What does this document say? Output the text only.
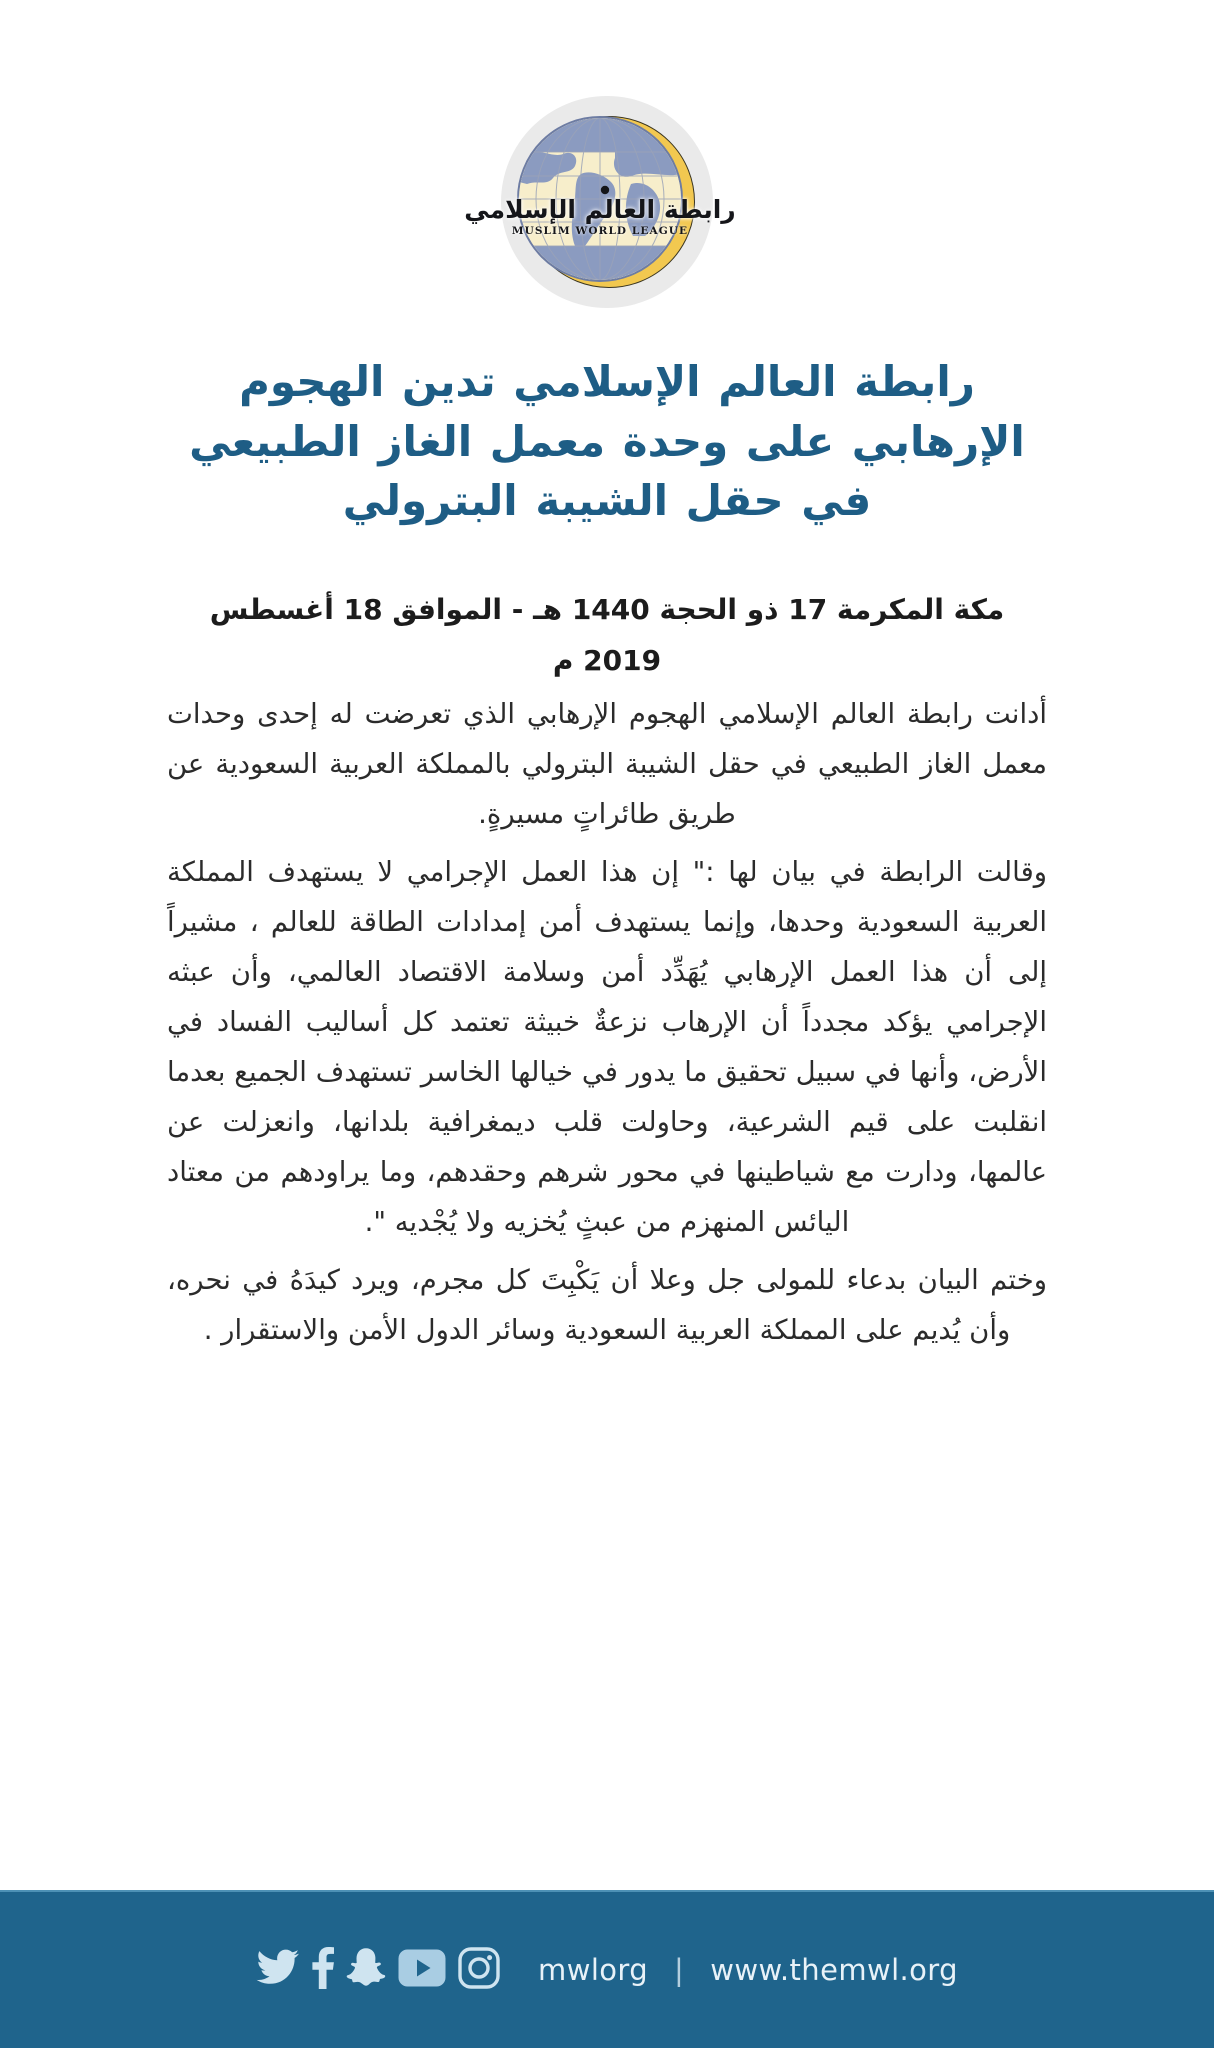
رابطة العالم الإسلامي
MUSLIM WORLD LEAGUE
رابطة العالم الإسلامي تدين الهجوم الإرهابي على وحدة معمل الغاز الطبيعي في حقل الشيبة البترولي
مكة المكرمة 17 ذو الحجة 1440 هـ - الموافق 18 أغسطس 2019 م

أدانت رابطة العالم الإسلامي الهجوم الإرهابي الذي تعرضت له إحدى وحدات معمل الغاز الطبيعي في حقل الشيبة البترولي بالمملكة العربية السعودية عن طريق طائراتٍ مسيرةٍ.

وقالت الرابطة في بيان لها :" إن هذا العمل الإجرامي لا يستهدف المملكة العربية السعودية وحدها، وإنما يستهدف أمن إمدادات الطاقة للعالم ، مشيراً إلى أن هذا العمل الإرهابي يُهَدِّد أمن وسلامة الاقتصاد العالمي، وأن عبثه الإجرامي يؤكد مجدداً أن الإرهاب نزعةٌ خبيثة تعتمد كل أساليب الفساد في الأرض، وأنها في سبيل تحقيق ما يدور في خيالها الخاسر تستهدف الجميع بعدما انقلبت على قيم الشرعية، وحاولت قلب ديمغرافية بلدانها، وانعزلت عن عالمها، ودارت مع شياطينها في محور شرهم وحقدهم، وما يراودهم من معتاد اليائس المنهزم من عبثٍ يُخزيه ولا يُجْديه ".

وختم البيان بدعاء للمولى جل وعلا أن يَكْبِتَ كل مجرم، ويرد كيدَهُ في نحره، وأن يُديم على المملكة العربية السعودية وسائر الدول الأمن والاستقرار .

mwlorg | www.themwl.org
